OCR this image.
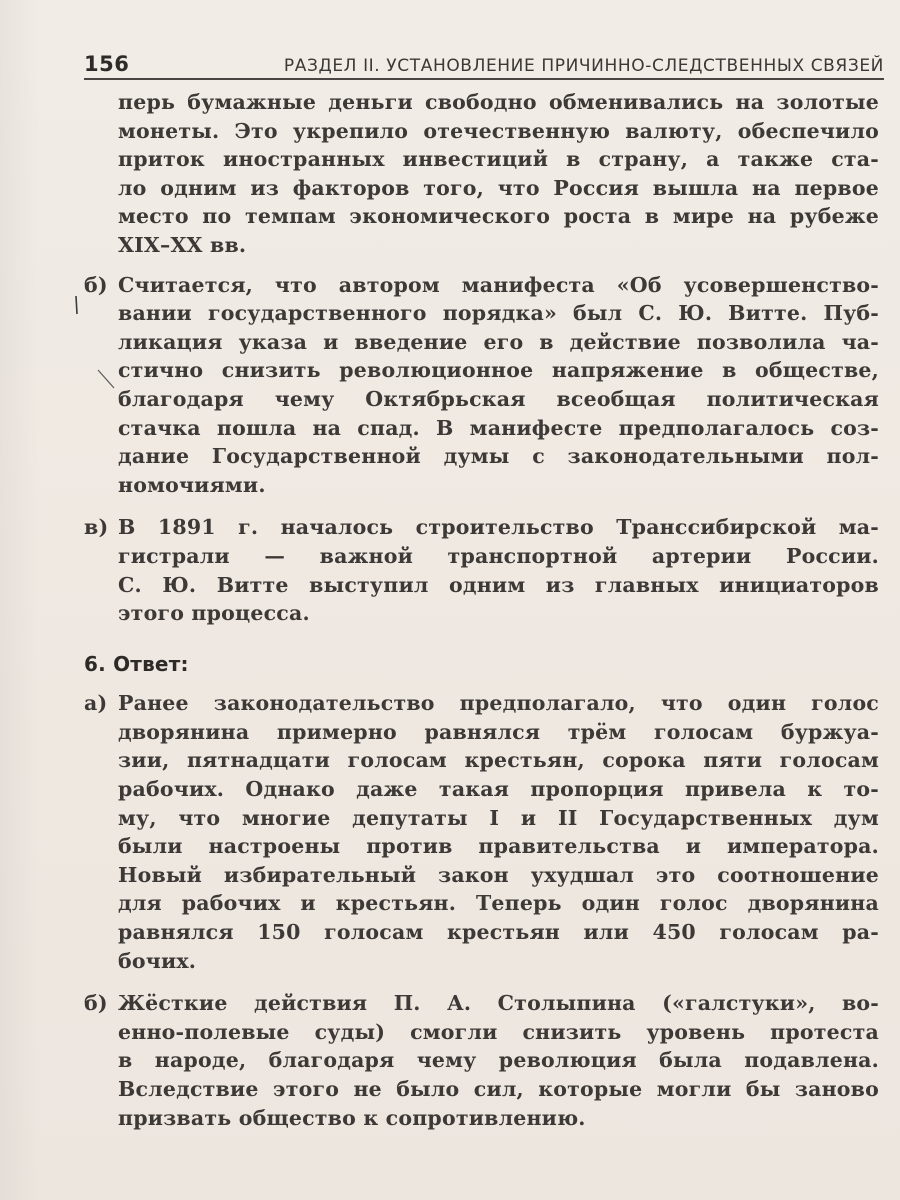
156	РАЗДЕЛ II. УСТАНОВЛЕНИЕ ПРИЧИННО-СЛЕДСТВЕННЫХ СВЯЗЕЙ
перь бумажные деньги свободно обменивались на золотые
монеты. Это укрепило отечественную валюту, обеспечило
приток иностранных инвестиций в страну, а также ста-
ло одним из факторов того, что Россия вышла на первое
место по темпам экономического роста в мире на рубеже
XIX–XX вв.
б) Считается, что автором манифеста «Об усовершенство-
вании государственного порядка» был С. Ю. Витте. Пуб-
ликация указа и введение его в действие позволила ча-
стично снизить революционное напряжение в обществе,
благодаря чему Октябрьская всеобщая политическая
стачка пошла на спад. В манифесте предполагалось соз-
дание Государственной думы с законодательными пол-
номочиями.
в) В 1891 г. началось строительство Транссибирской ма-
гистрали — важной транспортной артерии России.
С. Ю. Витте выступил одним из главных инициаторов
этого процесса.
6. Ответ:
а) Ранее законодательство предполагало, что один голос
дворянина примерно равнялся трём голосам буржуа-
зии, пятнадцати голосам крестьян, сорока пяти голосам
рабочих. Однако даже такая пропорция привела к то-
му, что многие депутаты I и II Государственных дум
были настроены против правительства и императора.
Новый избирательный закон ухудшал это соотношение
для рабочих и крестьян. Теперь один голос дворянина
равнялся 150 голосам крестьян или 450 голосам ра-
бочих.
б) Жёсткие действия П. А. Столыпина («галстуки», во-
енно-полевые суды) смогли снизить уровень протеста
в народе, благодаря чему революция была подавлена.
Вследствие этого не было сил, которые могли бы заново
призвать общество к сопротивлению.
